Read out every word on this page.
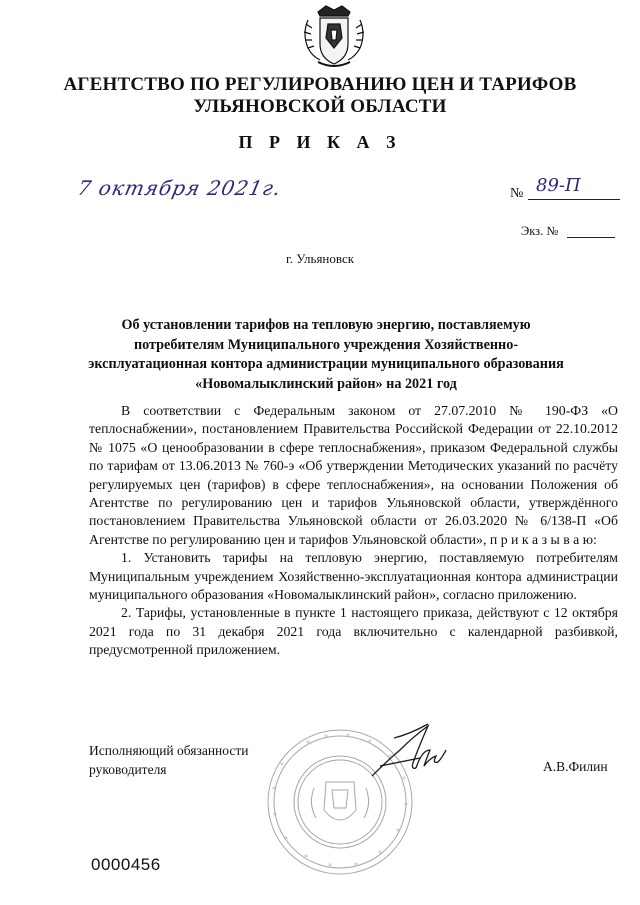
АГЕНТСТВО ПО РЕГУЛИРОВАНИЮ ЦЕН И ТАРИФОВ
УЛЬЯНОВСКОЙ ОБЛАСТИ
П Р И К А З
7 октября 2021г.	№ 89-П
Экз. №
г. Ульяновск
Об установлении тарифов на тепловую энергию, поставляемую потребителям Муниципального учреждения Хозяйственно-эксплуатационная контора администрации муниципального образования «Новомалыклинский район» на 2021 год

В соответствии с Федеральным законом от 27.07.2010 № 190-ФЗ «О теплоснабжении», постановлением Правительства Российской Федерации от 22.10.2012 № 1075 «О ценообразовании в сфере теплоснабжения», приказом Федеральной службы по тарифам от 13.06.2013 № 760-э «Об утверждении Методических указаний по расчёту регулируемых цен (тарифов) в сфере теплоснабжения», на основании Положения об Агентстве по регулированию цен и тарифов Ульяновской области, утверждённого постановлением Правительства Ульяновской области от 26.03.2020 № 6/138-П «Об Агентстве по регулированию цен и тарифов Ульяновской области», п р и к а з ы в а ю:

1. Установить тарифы на тепловую энергию, поставляемую потребителям Муниципальным учреждением Хозяйственно-эксплуатационная контора администрации муниципального образования «Новомалыклинский район», согласно приложению.

2. Тарифы, установленные в пункте 1 настоящего приказа, действуют с 12 октября 2021 года по 31 декабря 2021 года включительно с календарной разбивкой, предусмотренной приложением.

*
* *
*
*
*
*
*
*
*
*
*
*
*
*
*
Исполняющий обязанности
руководителя	А.В.Филин
0000456
